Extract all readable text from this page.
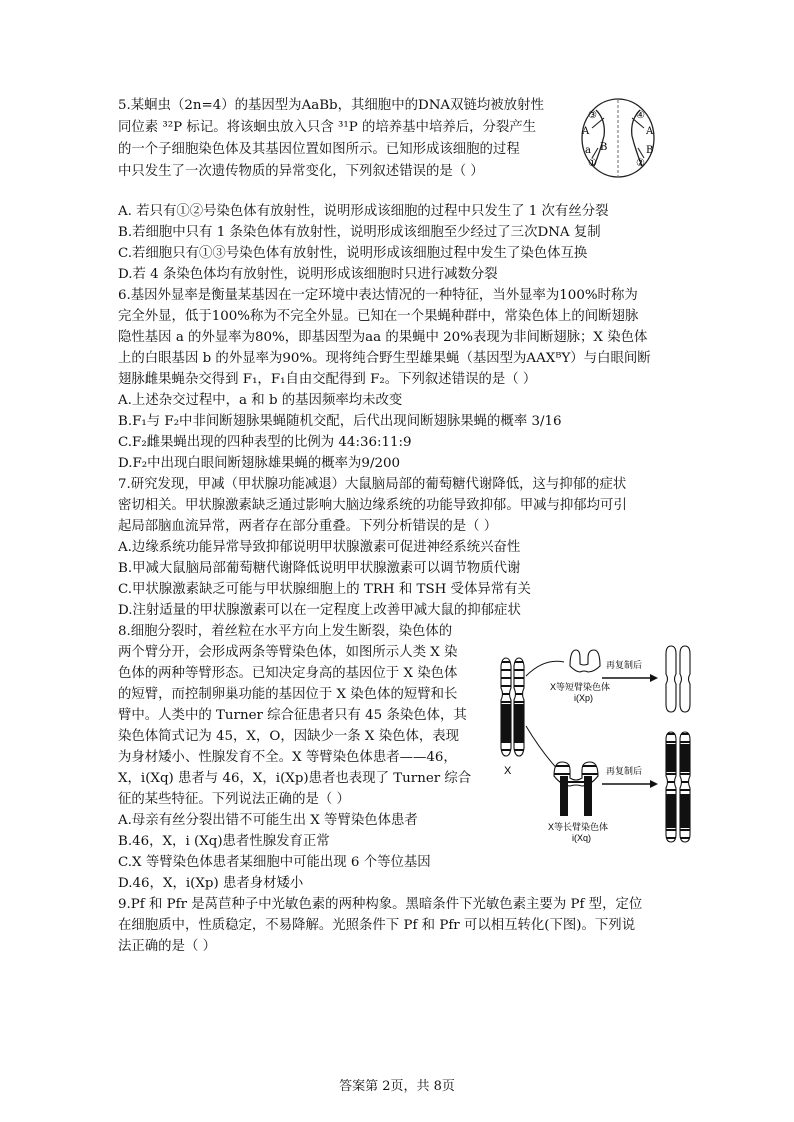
5.某蛔虫（2n=4）的基因型为AaBb，其细胞中的DNA双链均被放射性
同位素 ³²P 标记。将该蛔虫放入只含 ³¹P 的培养基中培养后，分裂产生
的一个子细胞染色体及其基因位置如图所示。已知形成该细胞的过程
中只发生了一次遗传物质的异常变化，下列叙述错误的是（ ）
③	④
①	②
A	A
a B	B
A. 若只有①②号染色体有放射性，说明形成该细胞的过程中只发生了 1 次有丝分裂
B.若细胞中只有 1 条染色体有放射性，说明形成该细胞至少经过了三次DNA 复制
C.若细胞只有①③号染色体有放射性，说明形成该细胞过程中发生了染色体互换
D.若 4 条染色体均有放射性，说明形成该细胞时只进行减数分裂
6.基因外显率是衡量某基因在一定环境中表达情况的一种特征，当外显率为100%时称为
完全外显，低于100%称为不完全外显。已知在一个果蝇种群中，常染色体上的间断翅脉
隐性基因 a 的外显率为80%，即基因型为aa 的果蝇中 20%表现为非间断翅脉；X 染色体
上的白眼基因 b 的外显率为90%。现将纯合野生型雄果蝇（基因型为AAXᴮY）与白眼间断
翅脉雌果蝇杂交得到 F₁，F₁自由交配得到 F₂。下列叙述错误的是（ ）
A.上述杂交过程中，a 和 b 的基因频率均未改变
B.F₁与 F₂中非间断翅脉果蝇随机交配，后代出现间断翅脉果蝇的概率 3/16
C.F₂雌果蝇出现的四种表型的比例为 44:36:11:9
D.F₂中出现白眼间断翅脉雄果蝇的概率为9/200
7.研究发现，甲减（甲状腺功能减退）大鼠脑局部的葡萄糖代谢降低，这与抑郁的症状
密切相关。甲状腺激素缺乏通过影响大脑边缘系统的功能导致抑郁。甲减与抑郁均可引
起局部脑血流异常，两者存在部分重叠。下列分析错误的是（ ）
A.边缘系统功能异常导致抑郁说明甲状腺激素可促进神经系统兴奋性
B.甲减大鼠脑局部葡萄糖代谢降低说明甲状腺激素可以调节物质代谢
C.甲状腺激素缺乏可能与甲状腺细胞上的 TRH 和 TSH 受体异常有关
D.注射适量的甲状腺激素可以在一定程度上改善甲减大鼠的抑郁症状
8.细胞分裂时，着丝粒在水平方向上发生断裂，染色体的
两个臂分开，会形成两条等臂染色体，如图所示人类 X 染
色体的两种等臂形态。已知决定身高的基因位于 X 染色体
的短臂，而控制卵巢功能的基因位于 X 染色体的短臂和长
臂中。人类中的 Turner 综合征患者只有 45 条染色体，其
染色体简式记为 45，X，O，因缺少一条 X 染色体，表现
为身材矮小、性腺发育不全。X 等臂染色体患者——46，
X，i(Xq) 患者与 46，X，i(Xp)患者也表现了 Turner 综合
征的某些特征。下列说法正确的是（ ）
A.母亲有丝分裂出错不可能生出 X 等臂染色体患者
B.46，X，i (Xq)患者性腺发育正常
C.X 等臂染色体患者某细胞中可能出现 6 个等位基因
D.46，X，i(Xp) 患者身材矮小
X
X等短臂染色体
i(Xp)
再复制后
X等长臂染色体
i(Xq)
再复制后
9.Pf 和 Pfr 是莴苣种子中光敏色素的两种构象。黑暗条件下光敏色素主要为 Pf 型，定位
在细胞质中，性质稳定，不易降解。光照条件下 Pf 和 Pfr 可以相互转化(下图)。下列说
法正确的是（ ）
答案第 2页，共 8页
